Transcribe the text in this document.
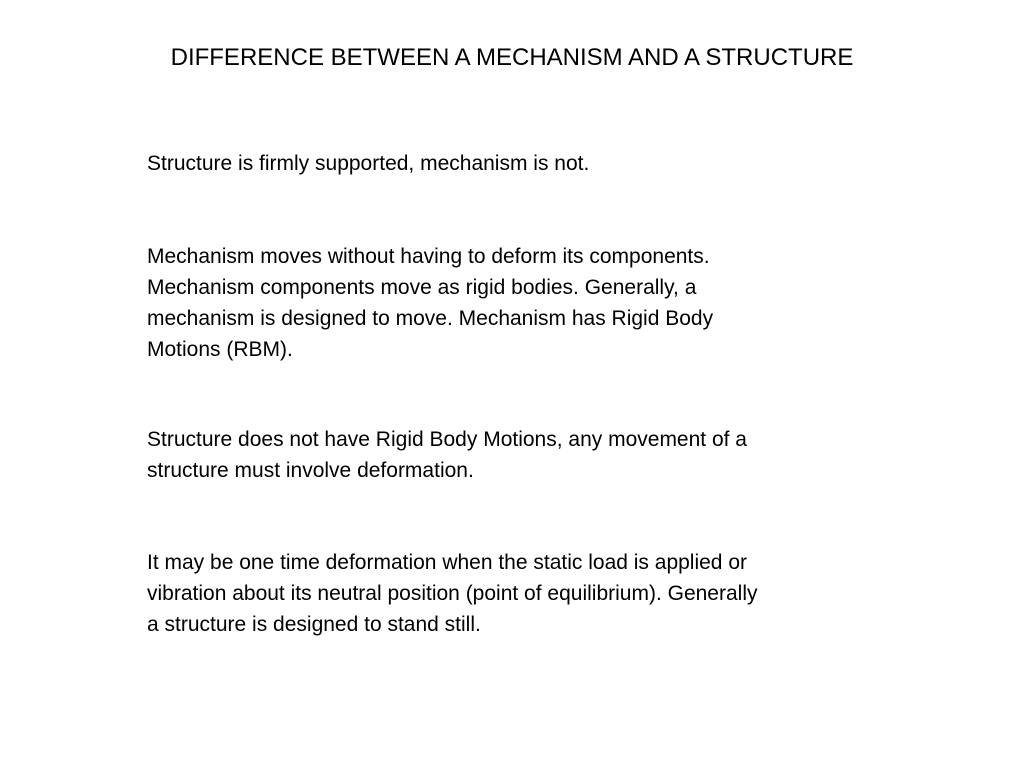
DIFFERENCE BETWEEN A MECHANISM AND A STRUCTURE

Structure is firmly supported, mechanism is not.

Mechanism moves without having to deform its components.
Mechanism components move as rigid bodies. Generally, a
mechanism is designed to move. Mechanism has Rigid Body
Motions (RBM).

Structure does not have Rigid Body Motions, any movement of a
structure must involve deformation.

It may be one time deformation when the static load is applied or
vibration about its neutral position (point of equilibrium). Generally
a structure is designed to stand still.
